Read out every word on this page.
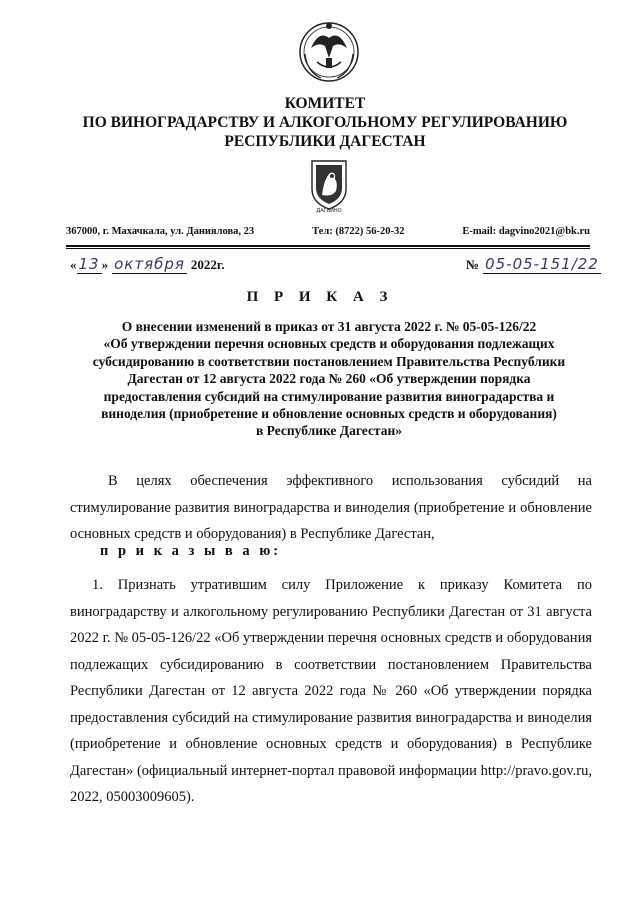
КОМИТЕТ
ПО ВИНОГРАДАРСТВУ И АЛКОГОЛЬНОМУ РЕГУЛИРОВАНИЮ
РЕСПУБЛИКИ ДАГЕСТАН
ДАГВИНО
367000, г. Махачкала, ул. Даниялова, 23	Тел: (8722) 56-20-32	E-mail: dagvino2021@bk.ru
« 13 » октября 2022г.	№ 05-05-151/22
П Р И К А З
О внесении изменений в приказ от 31 августа 2022 г. № 05-05-126/22
«Об утверждении перечня основных средств и оборудования подлежащих
субсидированию в соответствии постановлением Правительства Республики
Дагестан от 12 августа 2022 года № 260 «Об утверждении порядка
предоставления субсидий на стимулирование развития виноградарства и
виноделия (приобретение и обновление основных средств и оборудования)
в Республике Дагестан»

В целях обеспечения эффективного использования субсидий на стимулирование развития виноградарства и виноделия (приобретение и обновление основных средств и оборудования) в Республике Дагестан,

п р и к а з ы в а ю:

1. Признать утратившим силу Приложение к приказу Комитета по виноградарству и алкогольному регулированию Республики Дагестан от 31 августа 2022 г. № 05-05-126/22 «Об утверждении перечня основных средств и оборудования подлежащих субсидированию в соответствии постановлением Правительства Республики Дагестан от 12 августа 2022 года № 260 «Об утверждении порядка предоставления субсидий на стимулирование развития виноградарства и виноделия (приобретение и обновление основных средств и оборудования) в Республике Дагестан» (официальный интернет-портал правовой информации http://pravo.gov.ru, 2022, 05003009605).
